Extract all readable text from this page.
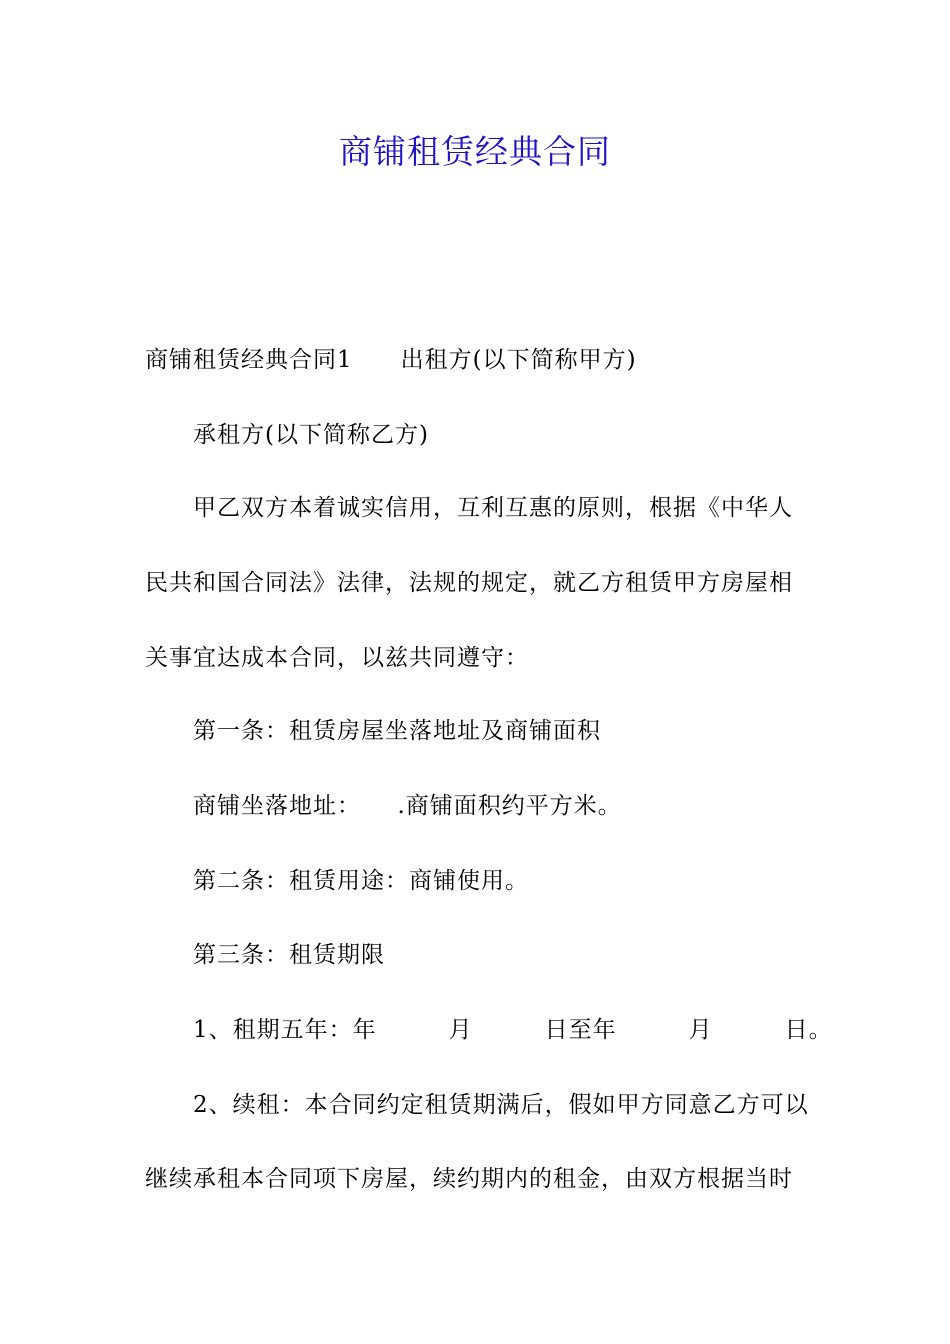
商铺租赁经典合同
商铺租赁经典合同1　　出租方(以下简称甲方)
承租方(以下简称乙方)
甲乙双方本着诚实信用，互利互惠的原则，根据《中华人
民共和国合同法》法律，法规的规定，就乙方租赁甲方房屋相
关事宜达成本合同，以兹共同遵守：
第一条：租赁房屋坐落地址及商铺面积
商铺坐落地址：　　.商铺面积约平方米。
第二条：租赁用途：商铺使用。
第三条：租赁期限
1、租期五年：年　　　月　　　日至年　　　月　　　日。
2、续租：本合同约定租赁期满后，假如甲方同意乙方可以
继续承租本合同项下房屋，续约期内的租金，由双方根据当时
